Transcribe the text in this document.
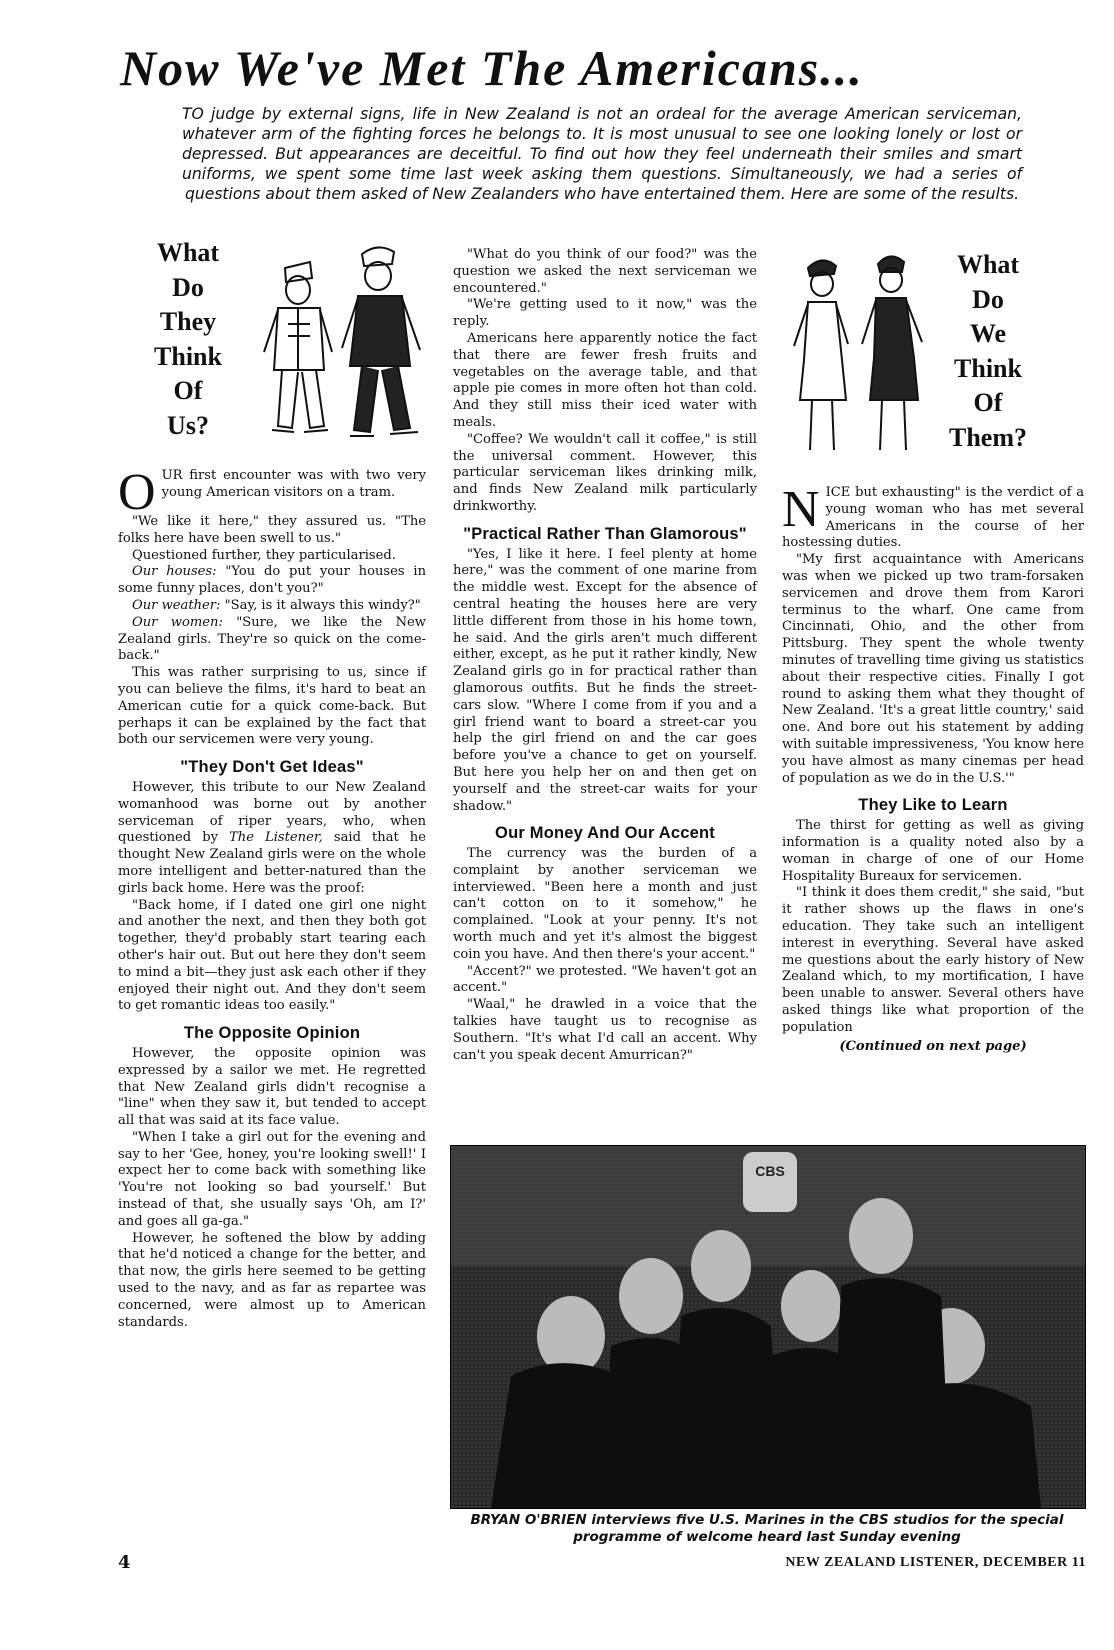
Now We've Met The Americans...

TO judge by external signs, life in New Zealand is not an ordeal for the average American serviceman, whatever arm of the fighting forces he belongs to. It is most unusual to see one looking lonely or lost or depressed. But appearances are deceitful. To find out how they feel underneath their smiles and smart uniforms, we spent some time last week asking them questions. Simultaneously, we had a series of questions about them asked of New Zealanders who have entertained them. Here are some of the results.

What
Do
They
Think
Of
Us?

OUR first encounter was with two very young American visitors on a tram.

"We like it here," they assured us. "The folks here have been swell to us."

Questioned further, they particularised.

Our houses: "You do put your houses in some funny places, don't you?"

Our weather: "Say, is it always this windy?"

Our women: "Sure, we like the New Zealand girls. They're so quick on the come-back."

This was rather surprising to us, since if you can believe the films, it's hard to beat an American cutie for a quick come-back. But perhaps it can be explained by the fact that both our servicemen were very young.

"They Don't Get Ideas"

However, this tribute to our New Zealand womanhood was borne out by another serviceman of riper years, who, when questioned by The Listener, said that he thought New Zealand girls were on the whole more intelligent and better-natured than the girls back home. Here was the proof:

"Back home, if I dated one girl one night and another the next, and then they both got together, they'd probably start tearing each other's hair out. But out here they don't seem to mind a bit—they just ask each other if they enjoyed their night out. And they don't seem to get romantic ideas too easily."

The Opposite Opinion

However, the opposite opinion was expressed by a sailor we met. He regretted that New Zealand girls didn't recognise a "line" when they saw it, but tended to accept all that was said at its face value.

"When I take a girl out for the evening and say to her 'Gee, honey, you're looking swell!' I expect her to come back with something like 'You're not looking so bad yourself.' But instead of that, she usually says 'Oh, am I?' and goes all ga-ga."

However, he softened the blow by adding that he'd noticed a change for the better, and that now, the girls here seemed to be getting used to the navy, and as far as repartee was concerned, were almost up to American standards.

"What do you think of our food?" was the question we asked the next serviceman we encountered."

"We're getting used to it now," was the reply.

Americans here apparently notice the fact that there are fewer fresh fruits and vegetables on the average table, and that apple pie comes in more often hot than cold. And they still miss their iced water with meals.

"Coffee? We wouldn't call it coffee," is still the universal comment. However, this particular serviceman likes drinking milk, and finds New Zealand milk particularly drinkworthy.

"Practical Rather Than Glamorous"

"Yes, I like it here. I feel plenty at home here," was the comment of one marine from the middle west. Except for the absence of central heating the houses here are very little different from those in his home town, he said. And the girls aren't much different either, except, as he put it rather kindly, New Zealand girls go in for practical rather than glamorous outfits. But he finds the street-cars slow. "Where I come from if you and a girl friend want to board a street-car you help the girl friend on and the car goes before you've a chance to get on yourself. But here you help her on and then get on yourself and the street-car waits for your shadow."

Our Money And Our Accent

The currency was the burden of a complaint by another serviceman we interviewed. "Been here a month and just can't cotton on to it somehow," he complained. "Look at your penny. It's not worth much and yet it's almost the biggest coin you have. And then there's your accent."

"Accent?" we protested. "We haven't got an accent."

"Waal," he drawled in a voice that the talkies have taught us to recognise as Southern. "It's what I'd call an accent. Why can't you speak decent Amurrican?"

What
Do
We
Think
Of
Them?

NICE but exhausting" is the verdict of a young woman who has met several Americans in the course of her hostessing duties.

"My first acquaintance with Americans was when we picked up two tram-forsaken servicemen and drove them from Karori terminus to the wharf. One came from Cincinnati, Ohio, and the other from Pittsburg. They spent the whole twenty minutes of travelling time giving us statistics about their respective cities. Finally I got round to asking them what they thought of New Zealand. 'It's a great little country,' said one. And bore out his statement by adding with suitable impressiveness, 'You know here you have almost as many cinemas per head of population as we do in the U.S.'"

They Like to Learn

The thirst for getting as well as giving information is a quality noted also by a woman in charge of one of our Home Hospitality Bureaux for servicemen.

"I think it does them credit," she said, "but it rather shows up the flaws in one's education. They take such an intelligent interest in everything. Several have asked me questions about the early history of New Zealand which, to my mortification, I have been unable to answer. Several others have asked things like what proportion of the population

(Continued on next page)
CBS
BRYAN O'BRIEN interviews five U.S. Marines in the CBS studios for the special programme of welcome heard last Sunday evening
4	NEW ZEALAND LISTENER, DECEMBER 11
